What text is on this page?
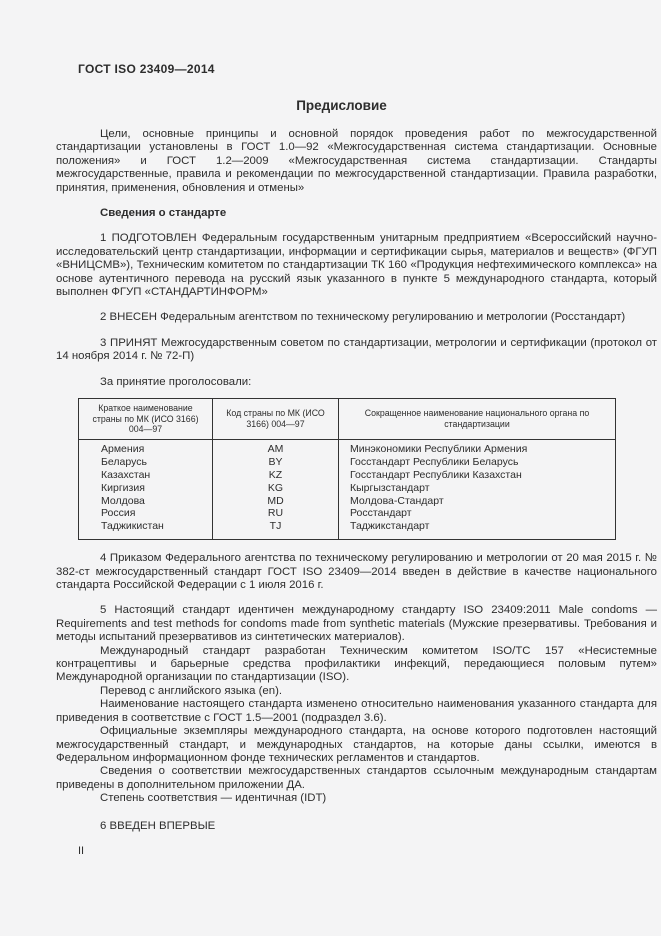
ГОСТ ISO 23409—2014
Предисловие

Цели, основные принципы и основной порядок проведения работ по межгосударственной стандартизации установлены в ГОСТ 1.0—92 «Межгосударственная система стандартизации. Основные положения» и ГОСТ 1.2—2009 «Межгосударственная система стандартизации. Стандарты межгосударственные, правила и рекомендации по межгосударственной стандартизации. Правила разработки, принятия, применения, обновления и отмены»

Сведения о стандарте

1 ПОДГОТОВЛЕН Федеральным государственным унитарным предприятием «Всероссийский научно-исследовательский центр стандартизации, информации и сертификации сырья, материалов и веществ» (ФГУП «ВНИЦСМВ»), Техническим комитетом по стандартизации ТК 160 «Продукция нефтехимического комплекса» на основе аутентичного перевода на русский язык указанного в пункте 5 международного стандарта, который выполнен ФГУП «СТАНДАРТИНФОРМ»

2 ВНЕСЕН Федеральным агентством по техническому регулированию и метрологии (Росстандарт)

3 ПРИНЯТ Межгосударственным советом по стандартизации, метрологии и сертификации (протокол от 14 ноября 2014 г. № 72-П)

За принятие проголосовали:

Краткое наименование страны по МК (ИСО 3166) 004—97	Код страны по МК (ИСО 3166) 004—97	Сокращенное наименование национального органа по стандартизации
Армения	AM	Минэкономики Республики Армения
Беларусь	BY	Госстандарт Республики Беларусь
Казахстан	KZ	Госстандарт Республики Казахстан
Киргизия	KG	Кыргызстандарт
Молдова	MD	Молдова-Стандарт
Россия	RU	Росстандарт
Таджикистан	TJ	Таджикстандарт

4 Приказом Федерального агентства по техническому регулированию и метрологии от 20 мая 2015 г. № 382-ст межгосударственный стандарт ГОСТ ISO 23409—2014 введен в действие в качестве национального стандарта Российской Федерации с 1 июля 2016 г.

5 Настоящий стандарт идентичен международному стандарту ISO 23409:2011 Male condoms — Requirements and test methods for condoms made from synthetic materials (Мужские презервативы. Требования и методы испытаний презервативов из синтетических материалов).

Международный стандарт разработан Техническим комитетом ISO/ТС 157 «Несистемные контрацептивы и барьерные средства профилактики инфекций, передающиеся половым путем» Международной организации по стандартизации (ISO).

Перевод с английского языка (en).

Наименование настоящего стандарта изменено относительно наименования указанного стандарта для приведения в соответствие с ГОСТ 1.5—2001 (подраздел 3.6).

Официальные экземпляры международного стандарта, на основе которого подготовлен настоящий межгосударственный стандарт, и международных стандартов, на которые даны ссылки, имеются в Федеральном информационном фонде технических регламентов и стандартов.

Сведения о соответствии межгосударственных стандартов ссылочным международным стандартам приведены в дополнительном приложении ДА.

Степень соответствия — идентичная (IDT)

6 ВВЕДЕН ВПЕРВЫЕ

II
